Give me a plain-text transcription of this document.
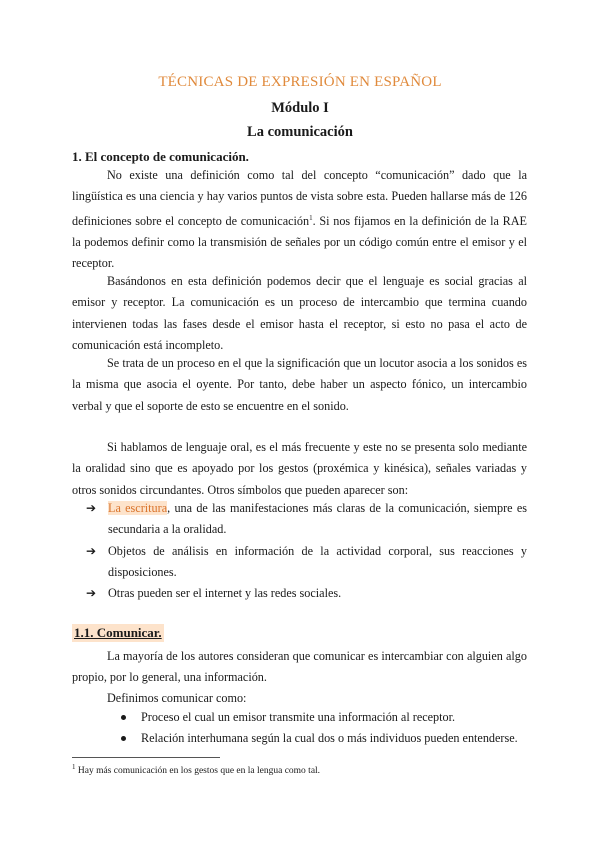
TÉCNICAS DE EXPRESIÓN EN ESPAÑOL
Módulo I
La comunicación
1. El concepto de comunicación.
No existe una definición como tal del concepto “comunicación” dado que la lingüística es una ciencia y hay varios puntos de vista sobre esta. Pueden hallarse más de 126 definiciones sobre el concepto de comunicación$^1$. Si nos fijamos en la definición de la RAE la podemos definir como la transmisión de señales por un código común entre el emisor y el receptor.
Basándonos en esta definición podemos decir que el lenguaje es social gracias al emisor y receptor. La comunicación es un proceso de intercambio que termina cuando intervienen todas las fases desde el emisor hasta el receptor, si esto no pasa el acto de comunicación está incompleto.
Se trata de un proceso en el que la significación que un locutor asocia a los sonidos es la misma que asocia el oyente. Por tanto, debe haber un aspecto fónico, un intercambio verbal y que el soporte de esto se encuentre en el sonido.
Si hablamos de lenguaje oral, es el más frecuente y este no se presenta solo mediante la oralidad sino que es apoyado por los gestos (proxémica y kinésica), señales variadas y otros sonidos circundantes. Otros símbolos que pueden aparecer son:
➔ La escritura, una de las manifestaciones más claras de la comunicación, siempre es secundaria a la oralidad.
➔ Objetos de análisis en información de la actividad corporal, sus reacciones y disposiciones.
➔ Otras pueden ser el internet y las redes sociales.
1.1. Comunicar.
La mayoría de los autores consideran que comunicar es intercambiar con alguien algo propio, por lo general, una información.
Definimos comunicar como:
Proceso el cual un emisor transmite una información al receptor.
Relación interhumana según la cual dos o más individuos pueden entenderse.
$^1$ Hay más comunicación en los gestos que en la lengua como tal.
